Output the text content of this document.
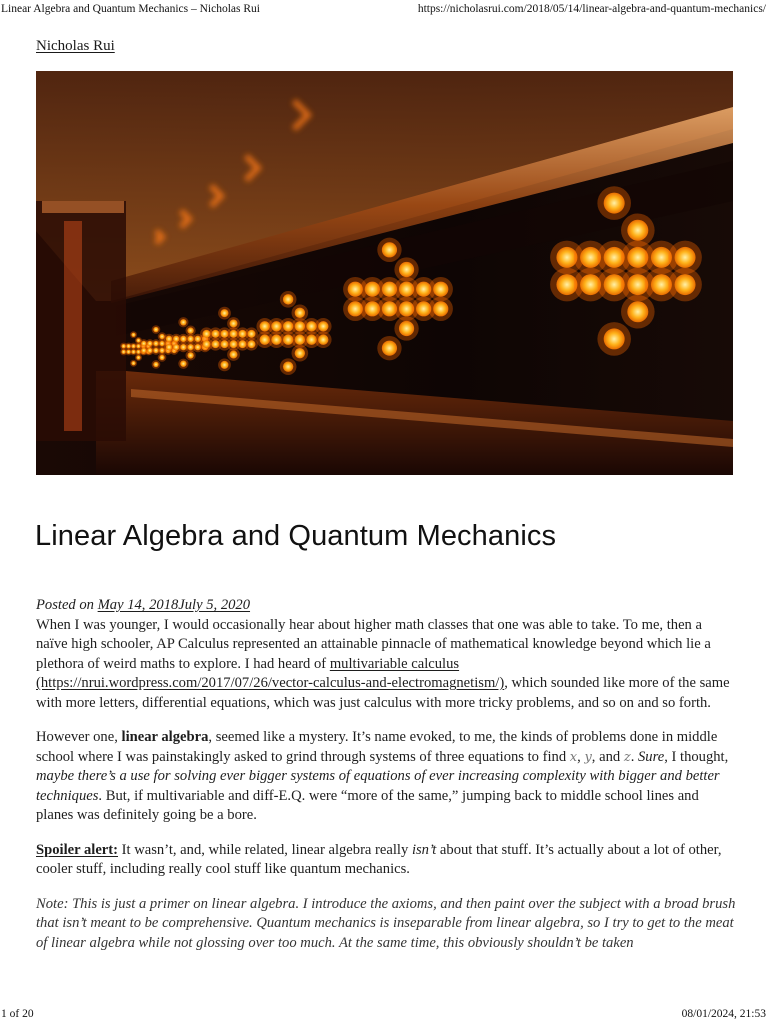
Linear Algebra and Quantum Mechanics – Nicholas Rui	https://nicholasrui.com/2018/05/14/linear-algebra-and-quantum-mechanics/
Nicholas Rui
Linear Algebra and Quantum Mechanics

Posted on May 14, 2018July 5, 2020

When I was younger, I would occasionally hear about higher math classes that one was able to take. To me, then a naïve high schooler, AP Calculus represented an attainable pinnacle of mathematical knowledge beyond which lie a plethora of weird maths to explore. I had heard of multivariable calculus (https://nrui.wordpress.com/2017/07/26/vector-calculus-and-electromagnetism/), which sounded like more of the same with more letters, differential equations, which was just calculus with more tricky problems, and so on and so forth.

However one, linear algebra, seemed like a mystery. It’s name evoked, to me, the kinds of problems done in middle school where I was painstakingly asked to grind through systems of three equations to find x, y, and z. Sure, I thought, maybe there’s a use for solving ever bigger systems of equations of ever increasing complexity with bigger and better techniques. But, if multivariable and diff-E.Q. were “more of the same,” jumping back to middle school lines and planes was definitely going be a bore.

Spoiler alert: It wasn’t, and, while related, linear algebra really isn’t about that stuff. It’s actually about a lot of other, cooler stuff, including really cool stuff like quantum mechanics.

Note: This is just a primer on linear algebra. I introduce the axioms, and then paint over the subject with a broad brush that isn’t meant to be comprehensive. Quantum mechanics is inseparable from linear algebra, so I try to get to the meat of linear algebra while not glossing over too much. At the same time, this obviously shouldn’t be taken

1 of 20	08/01/2024, 21:53
